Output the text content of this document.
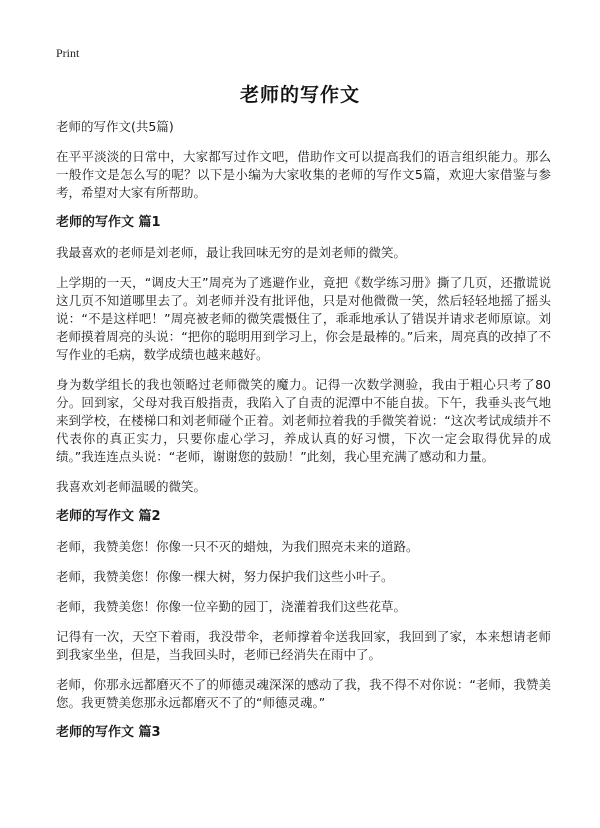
Print
老师的写作文

老师的写作文(共5篇)

在平平淡淡的日常中，大家都写过作文吧，借助作文可以提高我们的语言组织能力。那么一般作文是怎么写的呢？以下是小编为大家收集的老师的写作文5篇，欢迎大家借鉴与参考，希望对大家有所帮助。

老师的写作文 篇1

我最喜欢的老师是刘老师，最让我回味无穷的是刘老师的微笑。

上学期的一天，“调皮大王”周亮为了逃避作业，竟把《数学练习册》撕了几页，还撒谎说这几页不知道哪里去了。刘老师并没有批评他，只是对他微微一笑，然后轻轻地摇了摇头说：“不是这样吧！”周亮被老师的微笑震慑住了，乖乖地承认了错误并请求老师原谅。刘老师摸着周亮的头说：“把你的聪明用到学习上，你会是最棒的。”后来，周亮真的改掉了不写作业的毛病，数学成绩也越来越好。

身为数学组长的我也领略过老师微笑的魔力。记得一次数学测验，我由于粗心只考了80分。回到家，父母对我百般指责，我陷入了自责的泥潭中不能自拔。下午，我垂头丧气地来到学校，在楼梯口和刘老师碰个正着。刘老师拉着我的手微笑着说：“这次考试成绩并不代表你的真正实力，只要你虚心学习，养成认真的好习惯，下次一定会取得优异的成绩。”我连连点头说：“老师，谢谢您的鼓励！”此刻，我心里充满了感动和力量。

我喜欢刘老师温暖的微笑。

老师的写作文 篇2

老师，我赞美您！你像一只不灭的蜡烛，为我们照亮未来的道路。

老师，我赞美您！你像一棵大树，努力保护我们这些小叶子。

老师，我赞美您！你像一位辛勤的园丁，浇灌着我们这些花草。

记得有一次，天空下着雨，我没带伞，老师撑着伞送我回家，我回到了家，本来想请老师到我家坐坐，但是，当我回头时，老师已经消失在雨中了。

老师，你那永远都磨灭不了的师德灵魂深深的感动了我，我不得不对你说：“老师，我赞美您。我更赞美您那永远都磨灭不了的“师德灵魂。”

老师的写作文 篇3
